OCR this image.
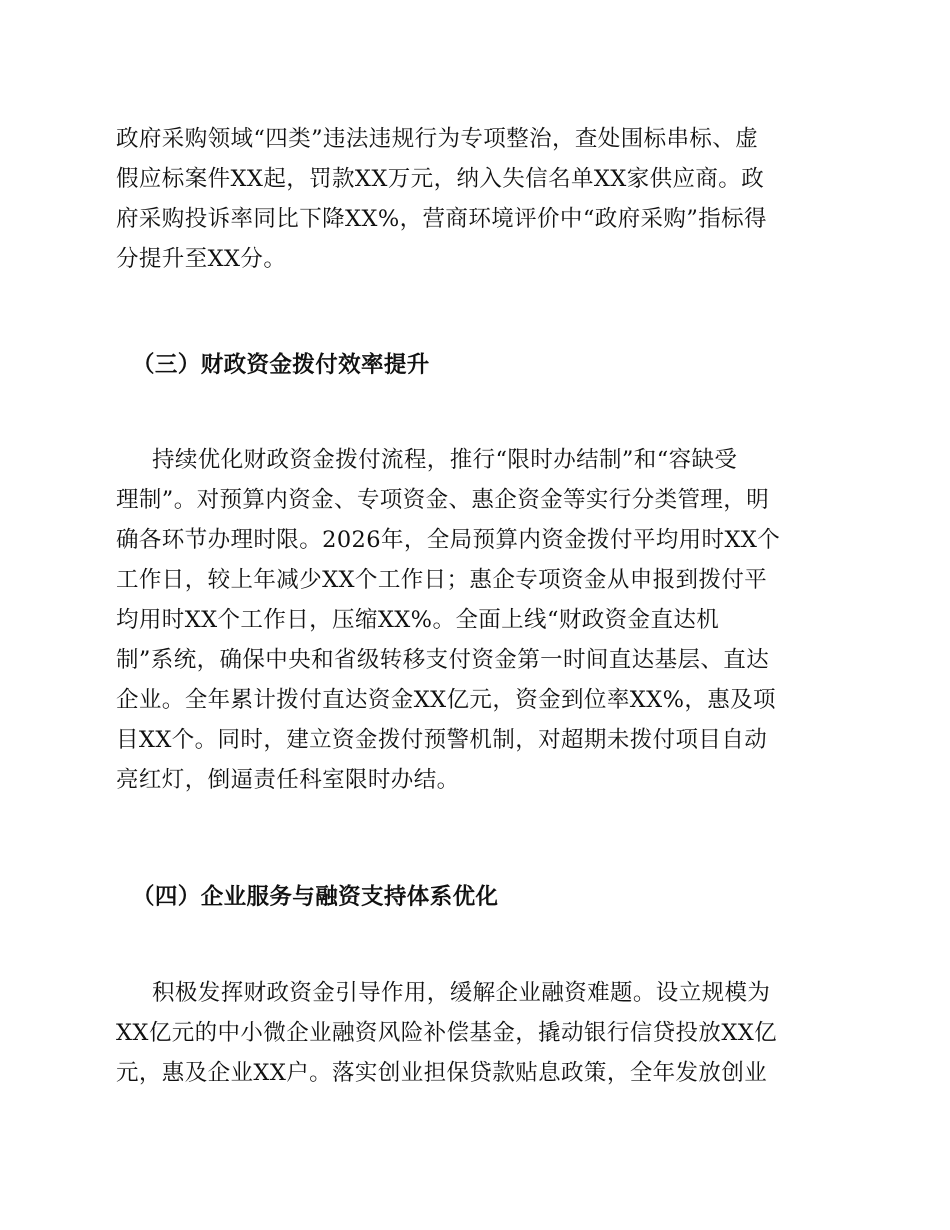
政府采购领域“四类”违法违规行为专项整治，查处围标串标、虚
假应标案件XX起，罚款XX万元，纳入失信名单XX家供应商。政
府采购投诉率同比下降XX%，营商环境评价中“政府采购”指标得
分提升至XX分。
（三）财政资金拨付效率提升
持续优化财政资金拨付流程，推行“限时办结制”和“容缺受
理制”。对预算内资金、专项资金、惠企资金等实行分类管理，明
确各环节办理时限。2026年，全局预算内资金拨付平均用时XX个
工作日，较上年减少XX个工作日；惠企专项资金从申报到拨付平
均用时XX个工作日，压缩XX%。全面上线“财政资金直达机
制”系统，确保中央和省级转移支付资金第一时间直达基层、直达
企业。全年累计拨付直达资金XX亿元，资金到位率XX%，惠及项
目XX个。同时，建立资金拨付预警机制，对超期未拨付项目自动
亮红灯，倒逼责任科室限时办结。
（四）企业服务与融资支持体系优化
积极发挥财政资金引导作用，缓解企业融资难题。设立规模为
XX亿元的中小微企业融资风险补偿基金，撬动银行信贷投放XX亿
元，惠及企业XX户。落实创业担保贷款贴息政策，全年发放创业
